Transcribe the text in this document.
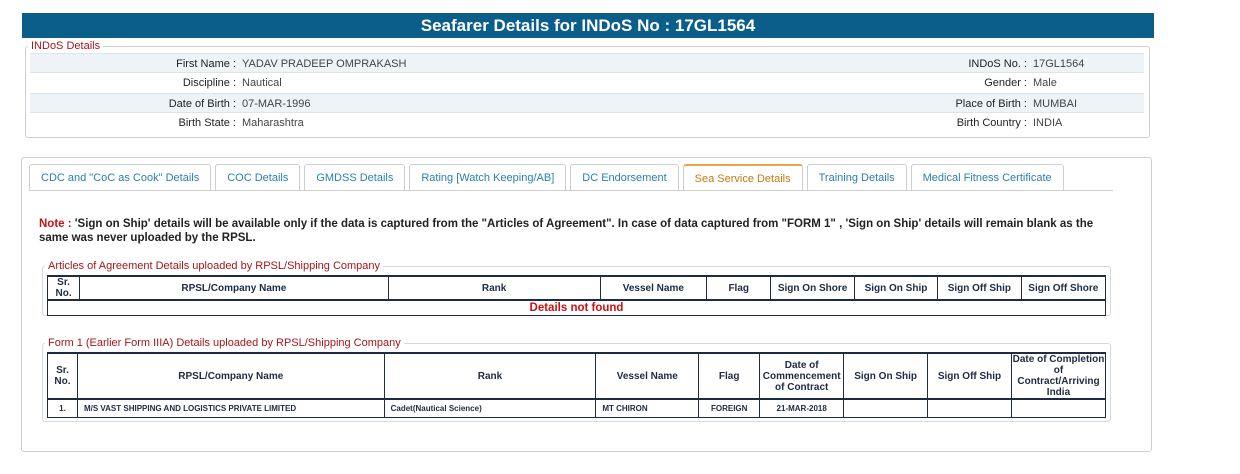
Seafarer Details for INDoS No : 17GL1564
INDoS Details
First Name : YADAV PRADEEP OMPRAKASH	INDoS No. : 17GL1564
Discipline : Nautical	Gender : Male
Date of Birth : 07-MAR-1996	Place of Birth : MUMBAI
Birth State : Maharashtra	Birth Country : INDIA
CDC and "CoC as Cook" Details	COC Details	GMDSS Details	Rating [Watch Keeping/AB]	DC Endorsement	Sea Service Details	Training Details	Medical Fitness Certificate
Note : 'Sign on Ship' details will be available only if the data is captured from the "Articles of Agreement". In case of data captured from "FORM 1" , 'Sign on Ship' details will remain blank as the same was never uploaded by the RPSL.
Articles of Agreement Details uploaded by RPSL/Shipping Company
Sr. No.	RPSL/Company Name	Rank	Vessel Name	Flag	Sign On Shore	Sign On Ship	Sign Off Ship	Sign Off Shore
Details not found
Form 1 (Earlier Form IIIA) Details uploaded by RPSL/Shipping Company
Sr. No.	RPSL/Company Name	Rank	Vessel Name	Flag	Date of Commencement of Contract	Sign On Ship	Sign Off Ship	Date of Completion of Contract/Arriving India
1.	M/S VAST SHIPPING AND LOGISTICS PRIVATE LIMITED	Cadet(Nautical Science)	MT CHIRON	FOREIGN	21-MAR-2018			
